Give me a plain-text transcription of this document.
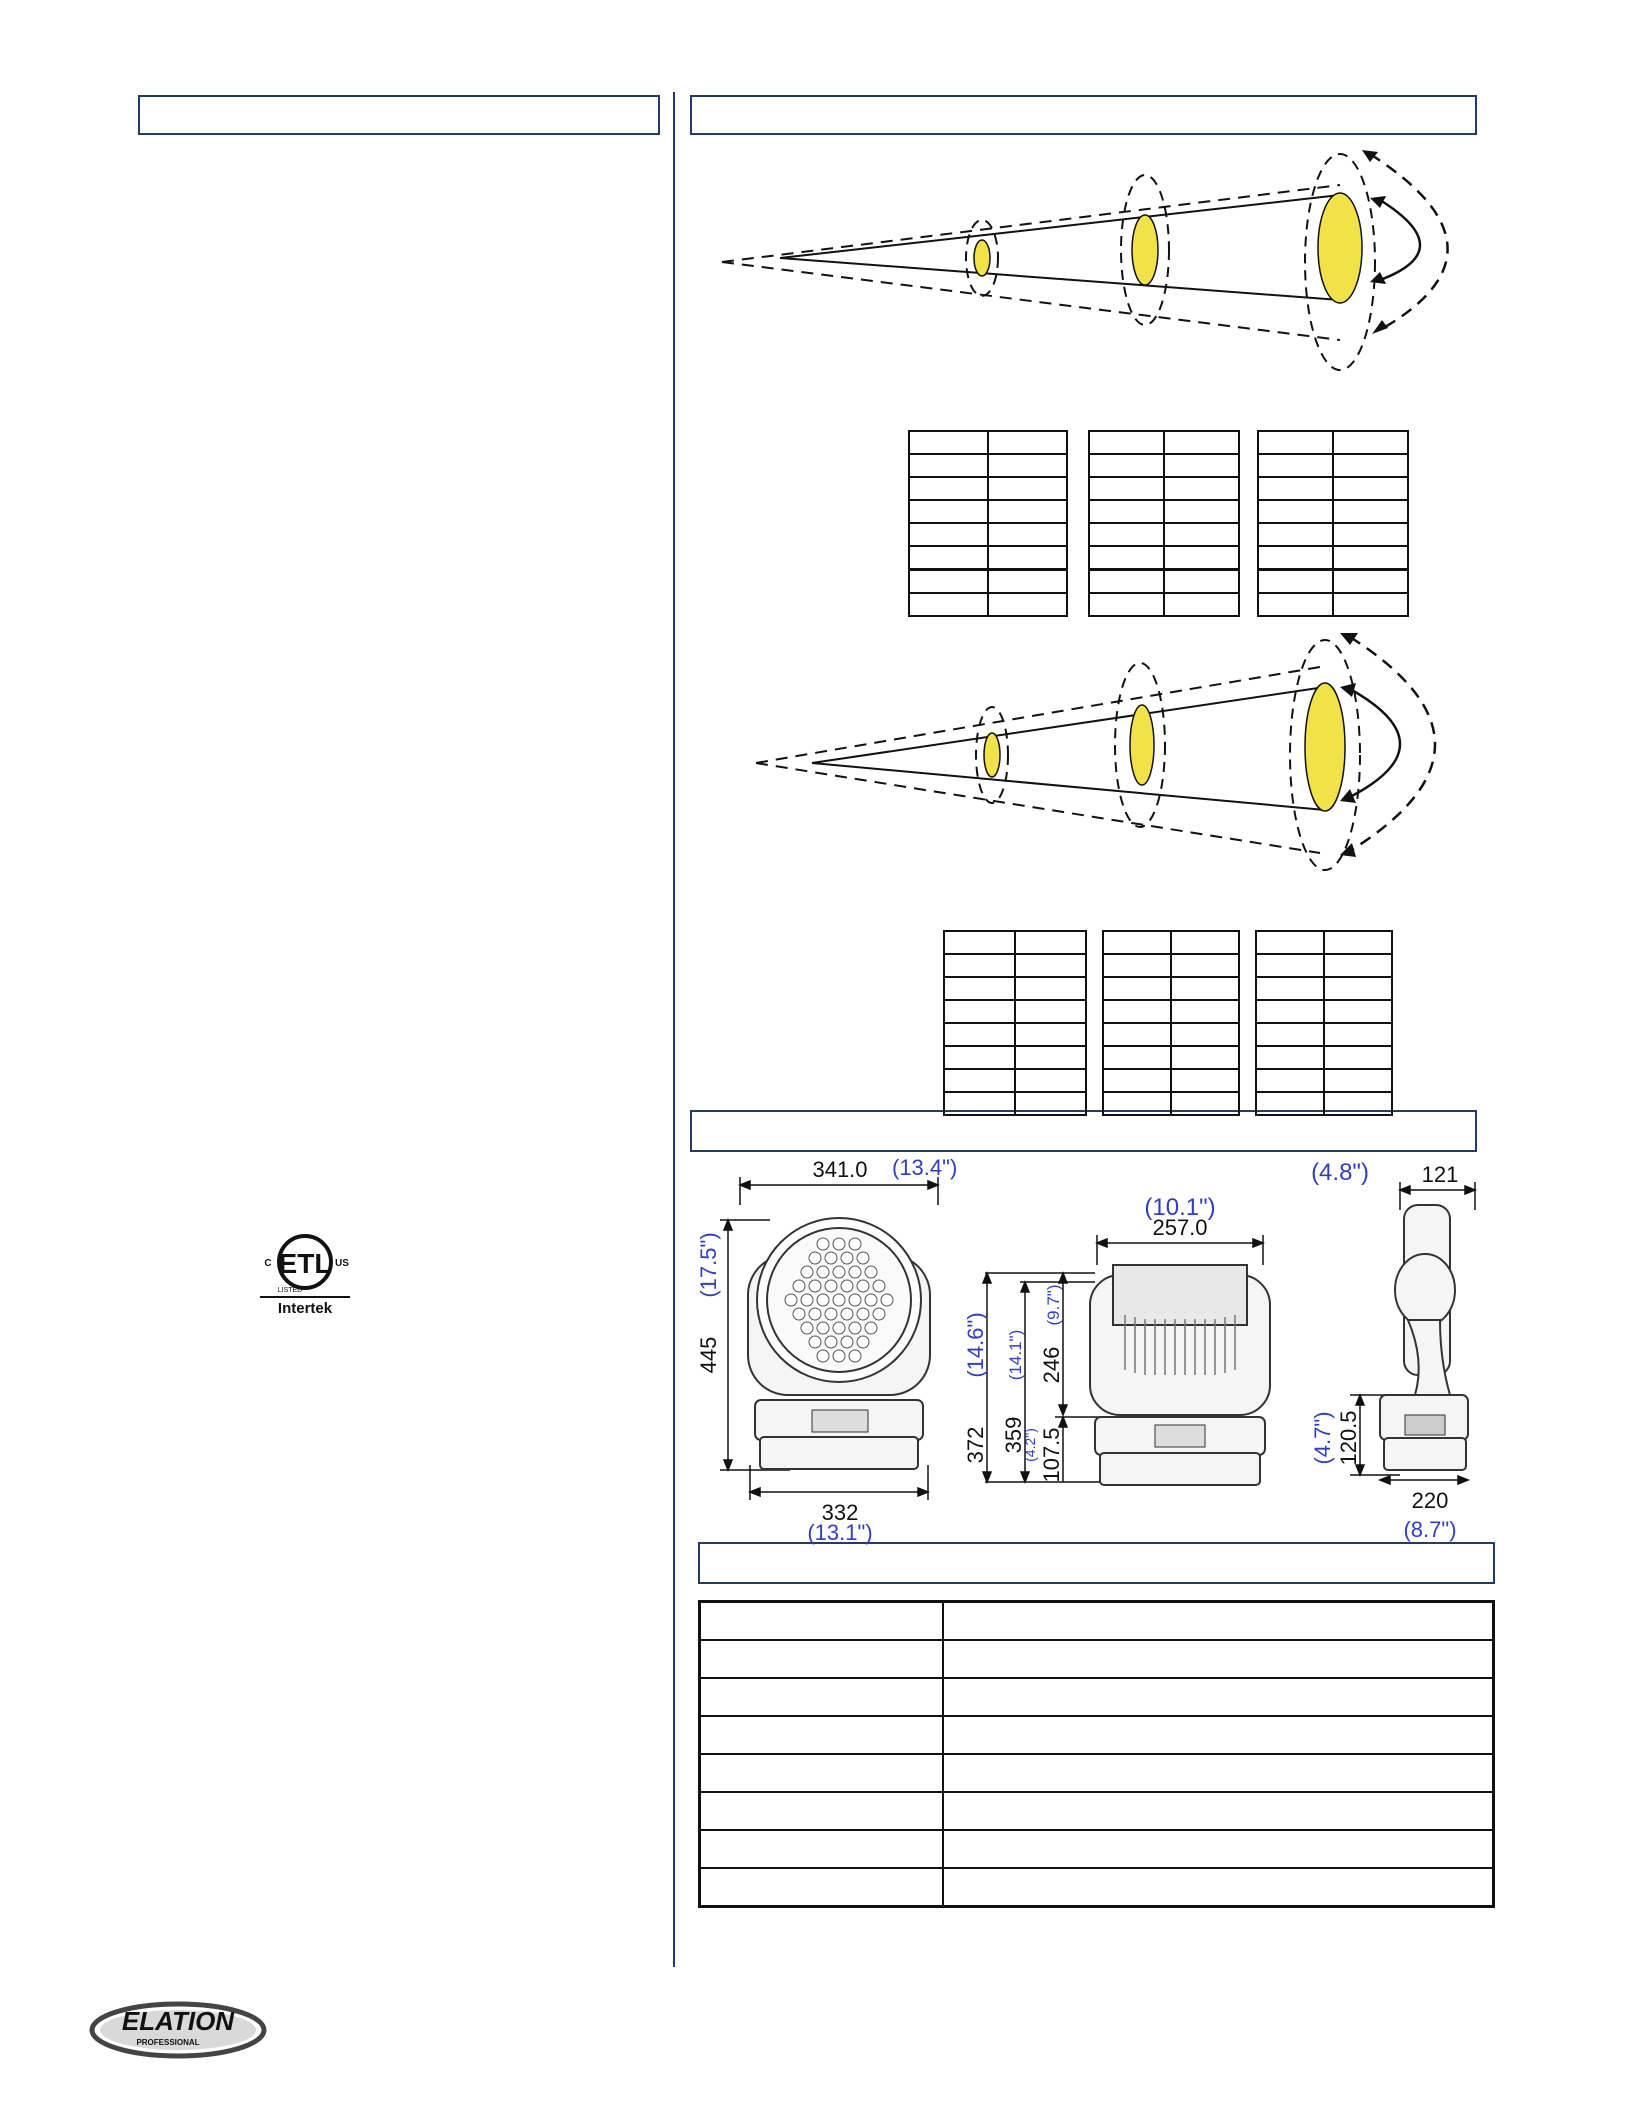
341.0 (13.4")
445
(17.5")
332
(13.1")
(10.1")
257.0
372
(14.6")
359
(14.1") 246
(9.7")
107.5
(4.2")
(4.8") 121
120.5
(4.7")
220
(8.7")

ETL
LISTED
C	US
Intertek
ELATION
PROFESSIONAL
